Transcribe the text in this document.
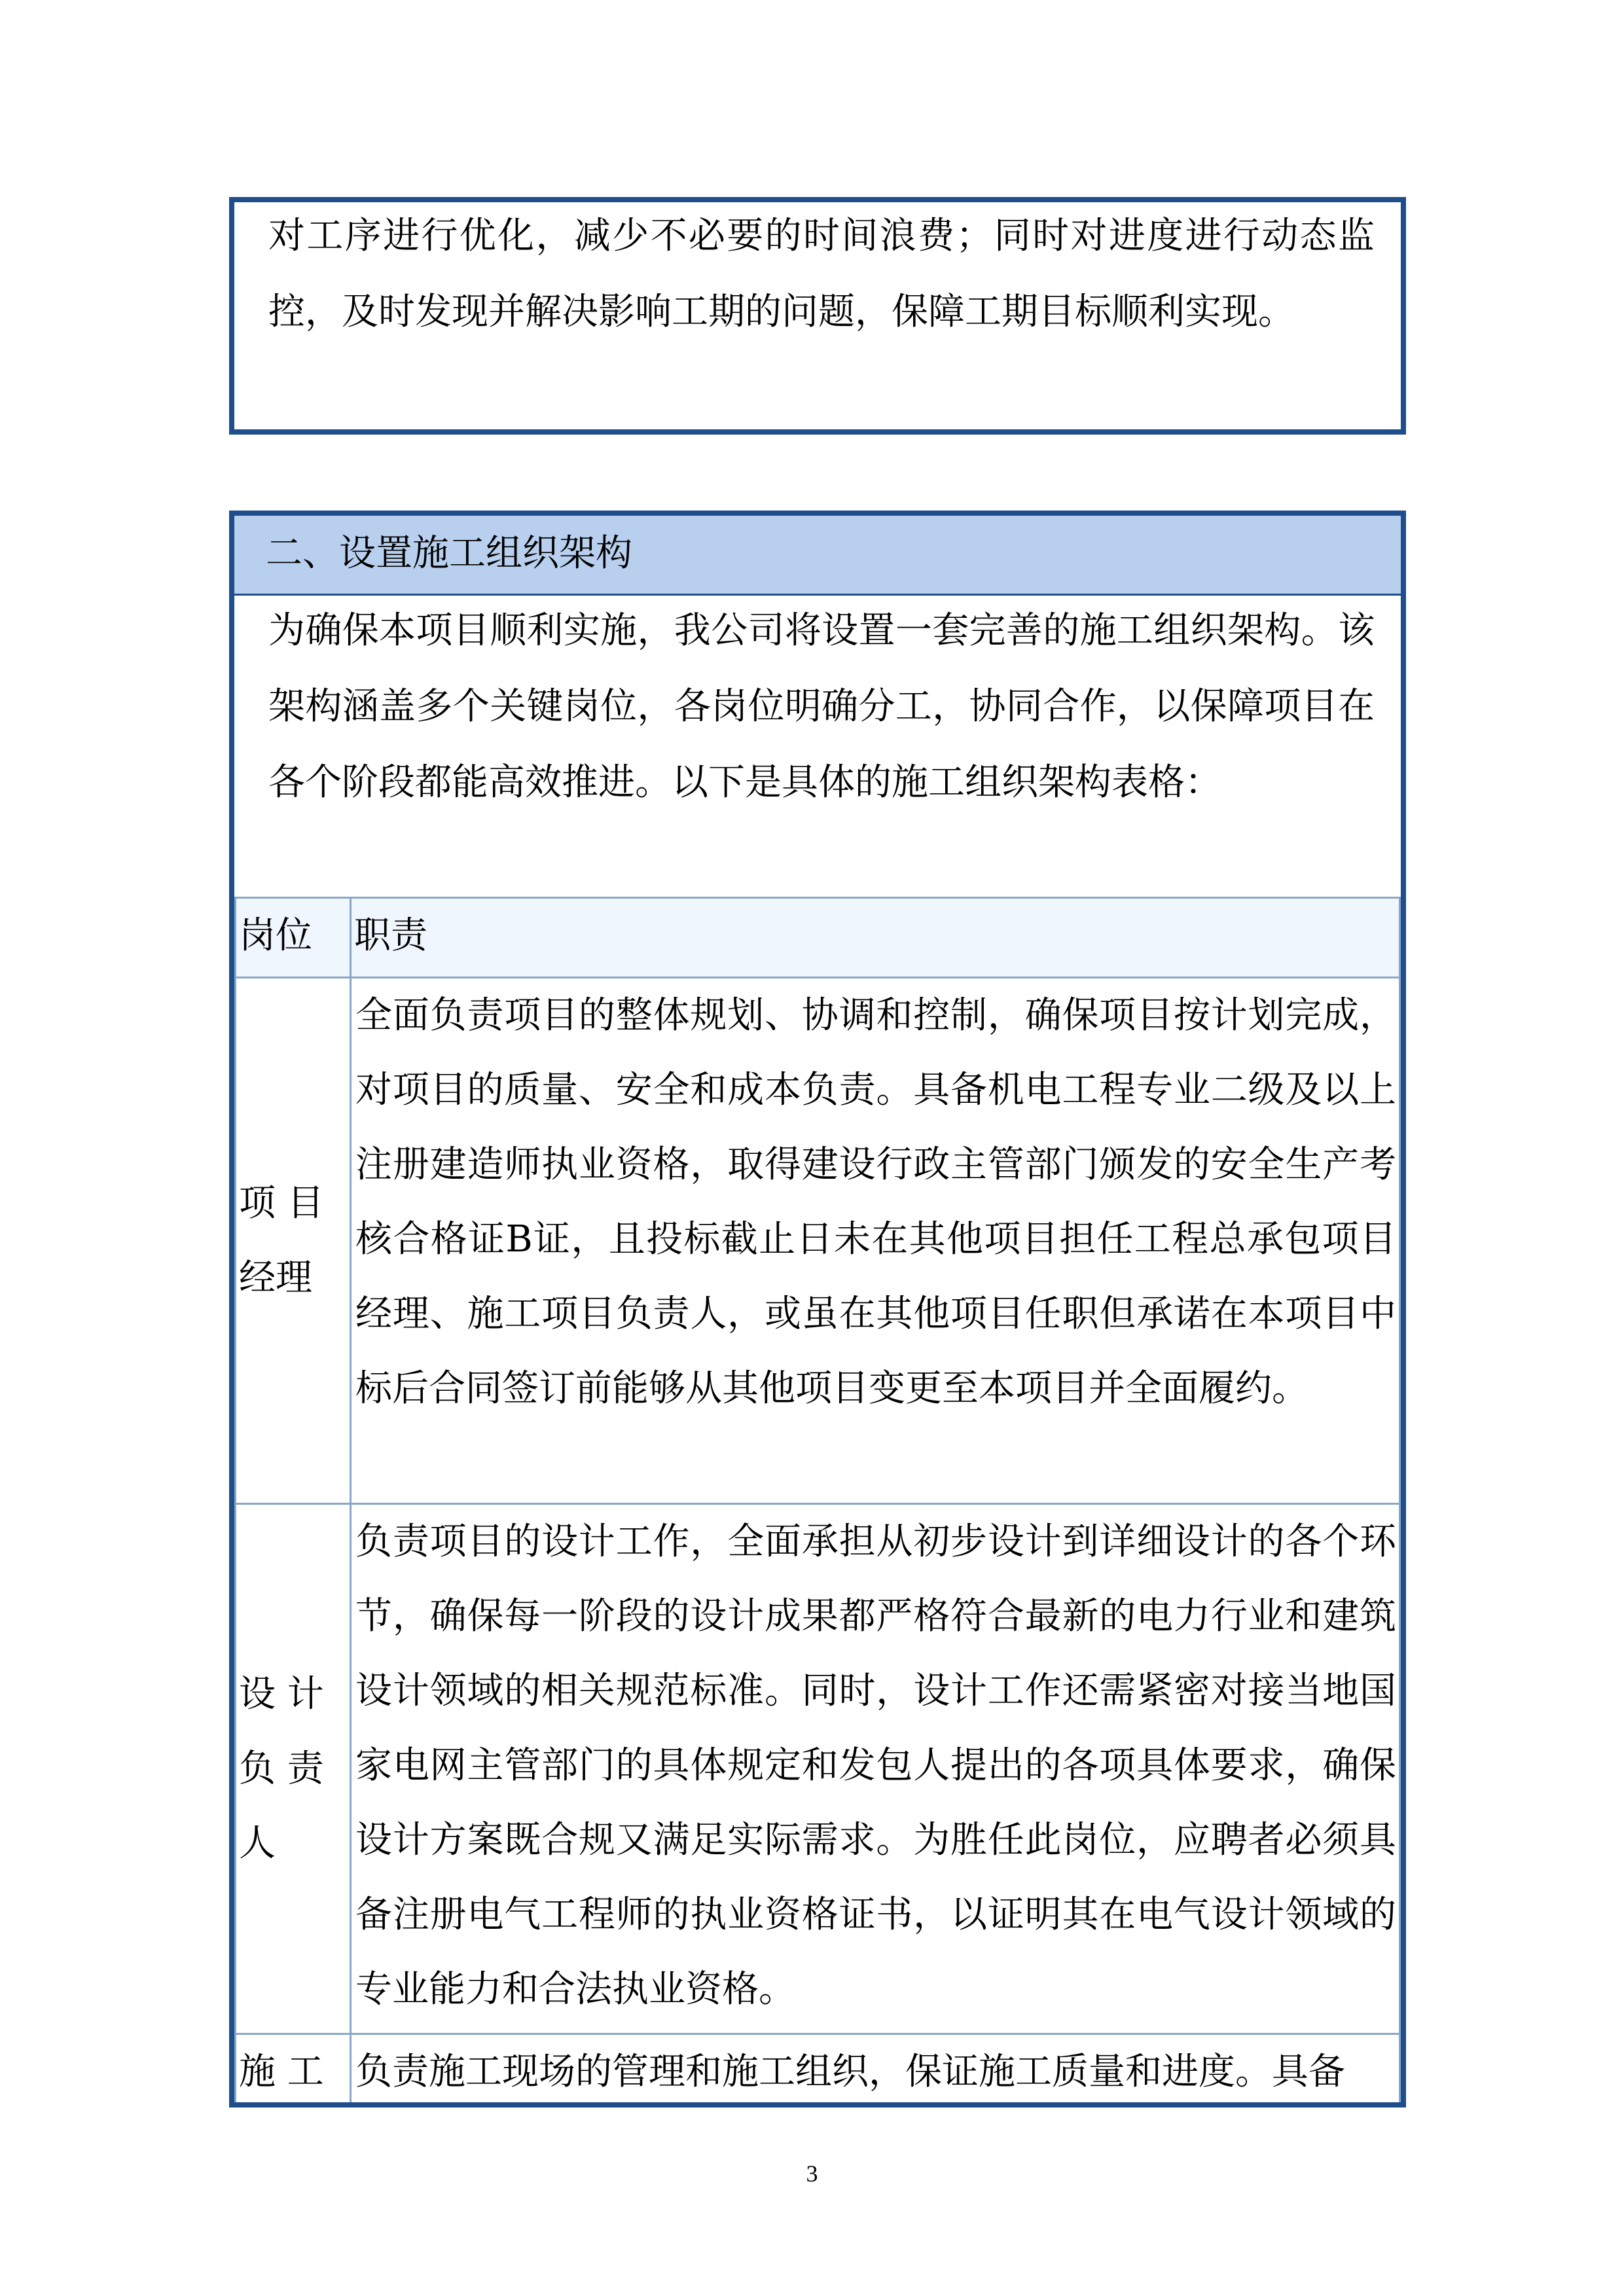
对工序进行优化，减少不必要的时间浪费；同时对进度进行动态监控，及时发现并解决影响工期的问题，保障工期目标顺利实现。

二、设置施工组织架构

为确保本项目顺利实施，我公司将设置一套完善的施工组织架构。该架构涵盖多个关键岗位，各岗位明确分工，协同合作，以保障项目在各个阶段都能高效推进。以下是具体的施工组织架构表格：

岗位	职责
项 目经理	全面负责项目的整体规划、协调和控制，确保项目按计划完成，对项目的质量、安全和成本负责。具备机电工程专业二级及以上注册建造师执业资格，取得建设行政主管部门颁发的安全生产考核合格证B证，且投标截止日未在其他项目担任工程总承包项目经理、施工项目负责人，或虽在其他项目任职但承诺在本项目中标后合同签订前能够从其他项目变更至本项目并全面履约。
设 计负 责人	负责项目的设计工作，全面承担从初步设计到详细设计的各个环节，确保每一阶段的设计成果都严格符合最新的电力行业和建筑设计领域的相关规范标准。同时，设计工作还需紧密对接当地国家电网主管部门的具体规定和发包人提出的各项具体要求，确保设计方案既合规又满足实际需求。为胜任此岗位，应聘者必须具备注册电气工程师的执业资格证书，以证明其在电气设计领域的专业能力和合法执业资格。
施 工	负责施工现场的管理和施工组织，保证施工质量和进度。具备
3
